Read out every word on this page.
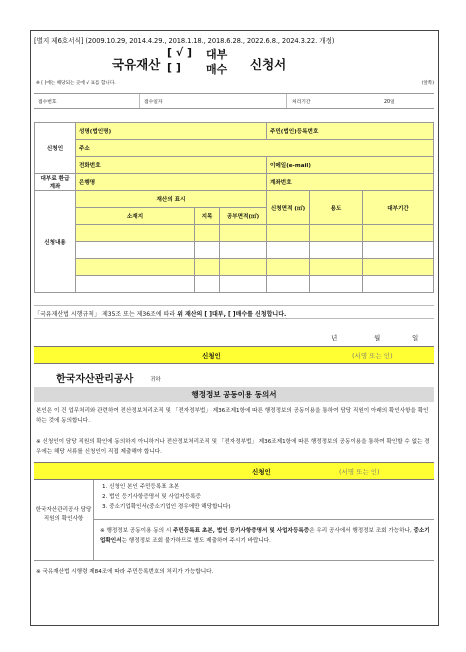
[별지 제6호서식] (2009.10.29, 2014.4.29., 2018.1.18., 2018.6.28., 2022.6.8., 2024.3.22. 개정)
국유재산
[ √ ]
[ ]
대부
매수 신청서
※ [ ]에는 해당되는 곳에 √ 표를 합니다.	(앞쪽)
접수번호	접수일자	처리기간	20일
신청인	성명(법인명)			주민(법인)등록번호		
	주소					
	전화번호			이메일(e-mail)		
대부료 환급계좌	은행명			계좌번호		
신청내용	재산의 표시			신청면적 (㎡)	용도	대부기간
	소재지	지목	공부면적(㎡)			

「국유재산법 시행규칙」 제35조 또는 제36조에 따라 위 재산의 [ ]대부, [ ]매수를 신청합니다.
년	월	일
신청인	(서명 또는 인)
한국자산관리공사	귀하
행정정보 공동이용 동의서
본인은 이 건 업무처리와 관련하여 전산정보처리조직 및 「전자정부법」 제36조제1항에 따른 행정정보의 공동이용을 통하여 담당 직원이 아래의 확인사항을 확인하는 것에 동의합니다.
※ 신청인이 담당 직원의 확인에 동의하지 아니하거나 전산정보처리조직 및 「전자정부법」 제36조제1항에 따른 행정정보의 공동이용을 통하여 확인할 수 없는 경우에는 해당 서류를 신청인이 직접 제출해야 합니다.
신청인	(서명 또는 인)
한국자산관리공사 담당 직원의 확인사항
1. 신청인 본인 주민등록표 초본
2. 법인 등기사항증명서 및 사업자등록증
3. 중소기업확인서(중소기업인 경우에만 해당합니다)
※ 행정정보 공동이용 동의 시 주민등록표 초본, 법인 등기사항증명서 및 사업자등록증은 우리 공사에서 행정정보 조회 가능하나, 중소기업확인서는 행정정보 조회 불가하므로 별도 제출하여 주시기 바랍니다.
※ 국유재산법 시행령 제84조에 따라 주민등록번호의 처리가 가능합니다.
